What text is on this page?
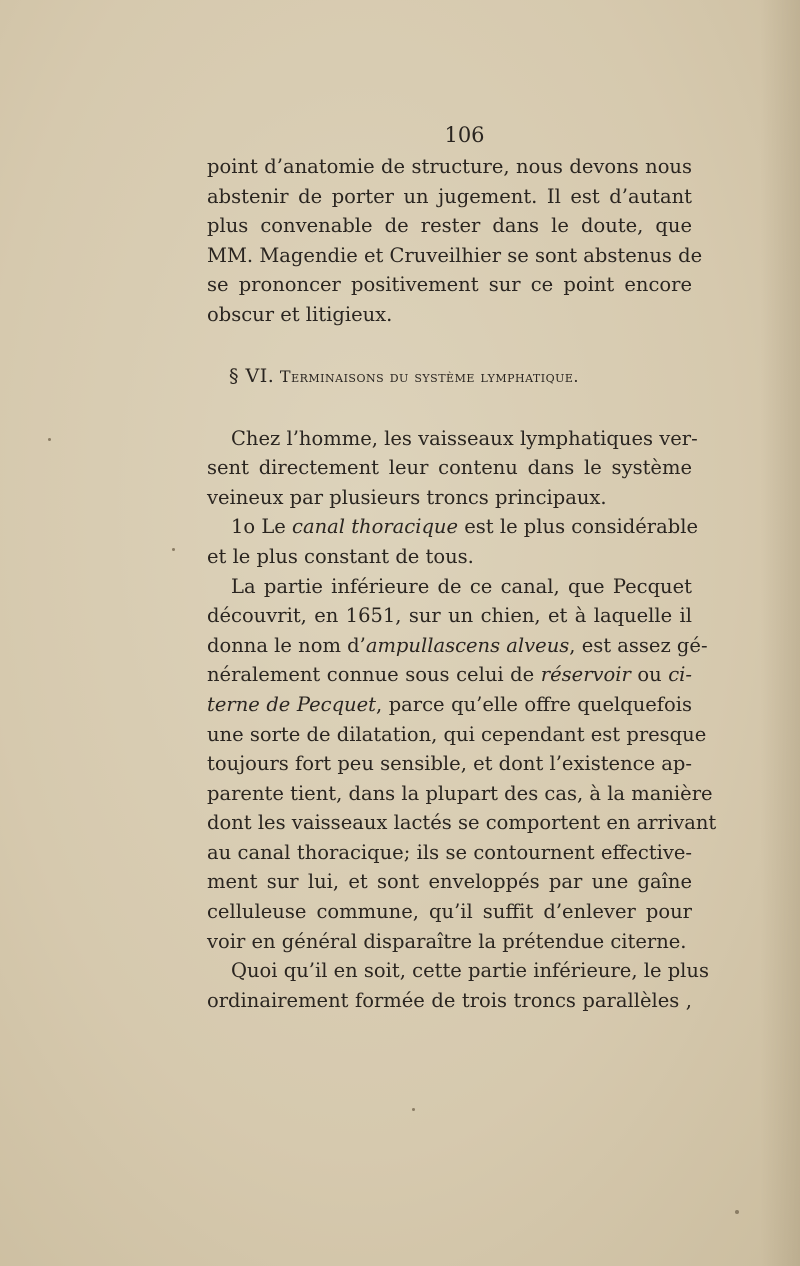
106
point d’anatomie de structure, nous devons nous
abstenir de porter un jugement. Il est d’autant
plus convenable de rester dans le doute, que
MM. Magendie et Cruveilhier se sont abstenus de
se prononcer positivement sur ce point encore
obscur et litigieux.
§ VI. Terminaisons du système lymphatique.
Chez l’homme, les vaisseaux lymphatiques ver-
sent directement leur contenu dans le système
veineux par plusieurs troncs principaux.
1o Le canal thoracique est le plus considérable
et le plus constant de tous.
La partie inférieure de ce canal, que Pecquet
découvrit, en 1651, sur un chien, et à laquelle il
donna le nom d’ampullascens alveus, est assez gé-
néralement connue sous celui de réservoir ou ci-
terne de Pecquet, parce qu’elle offre quelquefois
une sorte de dilatation, qui cependant est presque
toujours fort peu sensible, et dont l’existence ap-
parente tient, dans la plupart des cas, à la manière
dont les vaisseaux lactés se comportent en arrivant
au canal thoracique; ils se contournent effective-
ment sur lui, et sont enveloppés par une gaîne
celluleuse commune, qu’il suffit d’enlever pour
voir en général disparaître la prétendue citerne.
Quoi qu’il en soit, cette partie inférieure, le plus
ordinairement formée de trois troncs parallèles ,
